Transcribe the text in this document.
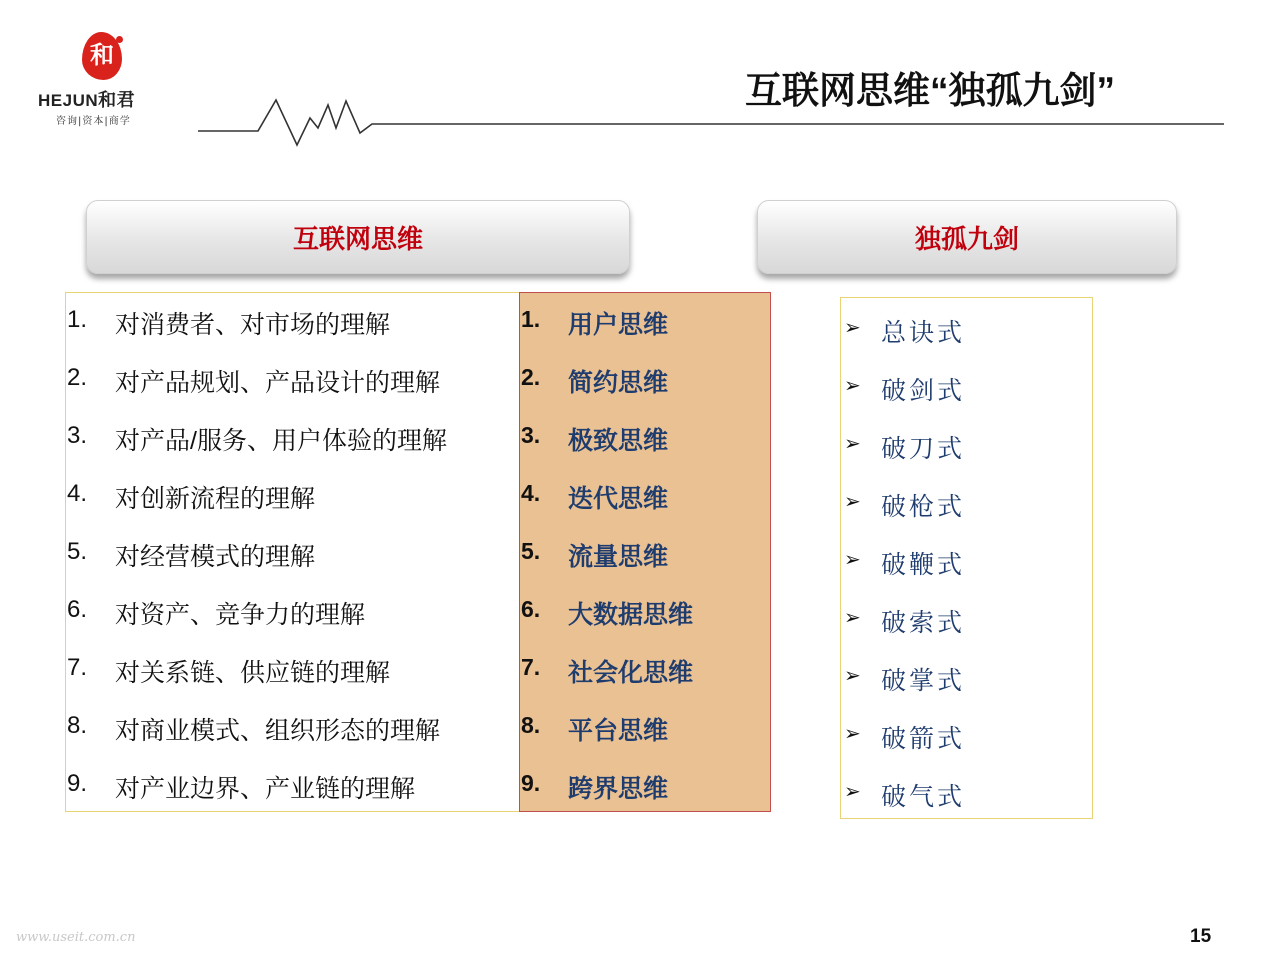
和
HEJUN和君
咨询|资本|商学
互联网思维“独孤九剑”
互联网思维	独孤九剑
1. 对消费者、对市场的理解
2. 对产品规划、产品设计的理解
3. 对产品/服务、用户体验的理解
4. 对创新流程的理解
5. 对经营模式的理解
6. 对资产、竞争力的理解
7. 对关系链、供应链的理解
8. 对商业模式、组织形态的理解
9. 对产业边界、产业链的理解
1. 用户思维
2. 简约思维
3. 极致思维
4. 迭代思维
5. 流量思维
6. 大数据思维
7. 社会化思维
8. 平台思维
9. 跨界思维
➢ 总诀式
➢ 破剑式
➢ 破刀式
➢ 破枪式
➢ 破鞭式
➢ 破索式
➢ 破掌式
➢ 破箭式
➢ 破气式
www.useit.com.cn	15
